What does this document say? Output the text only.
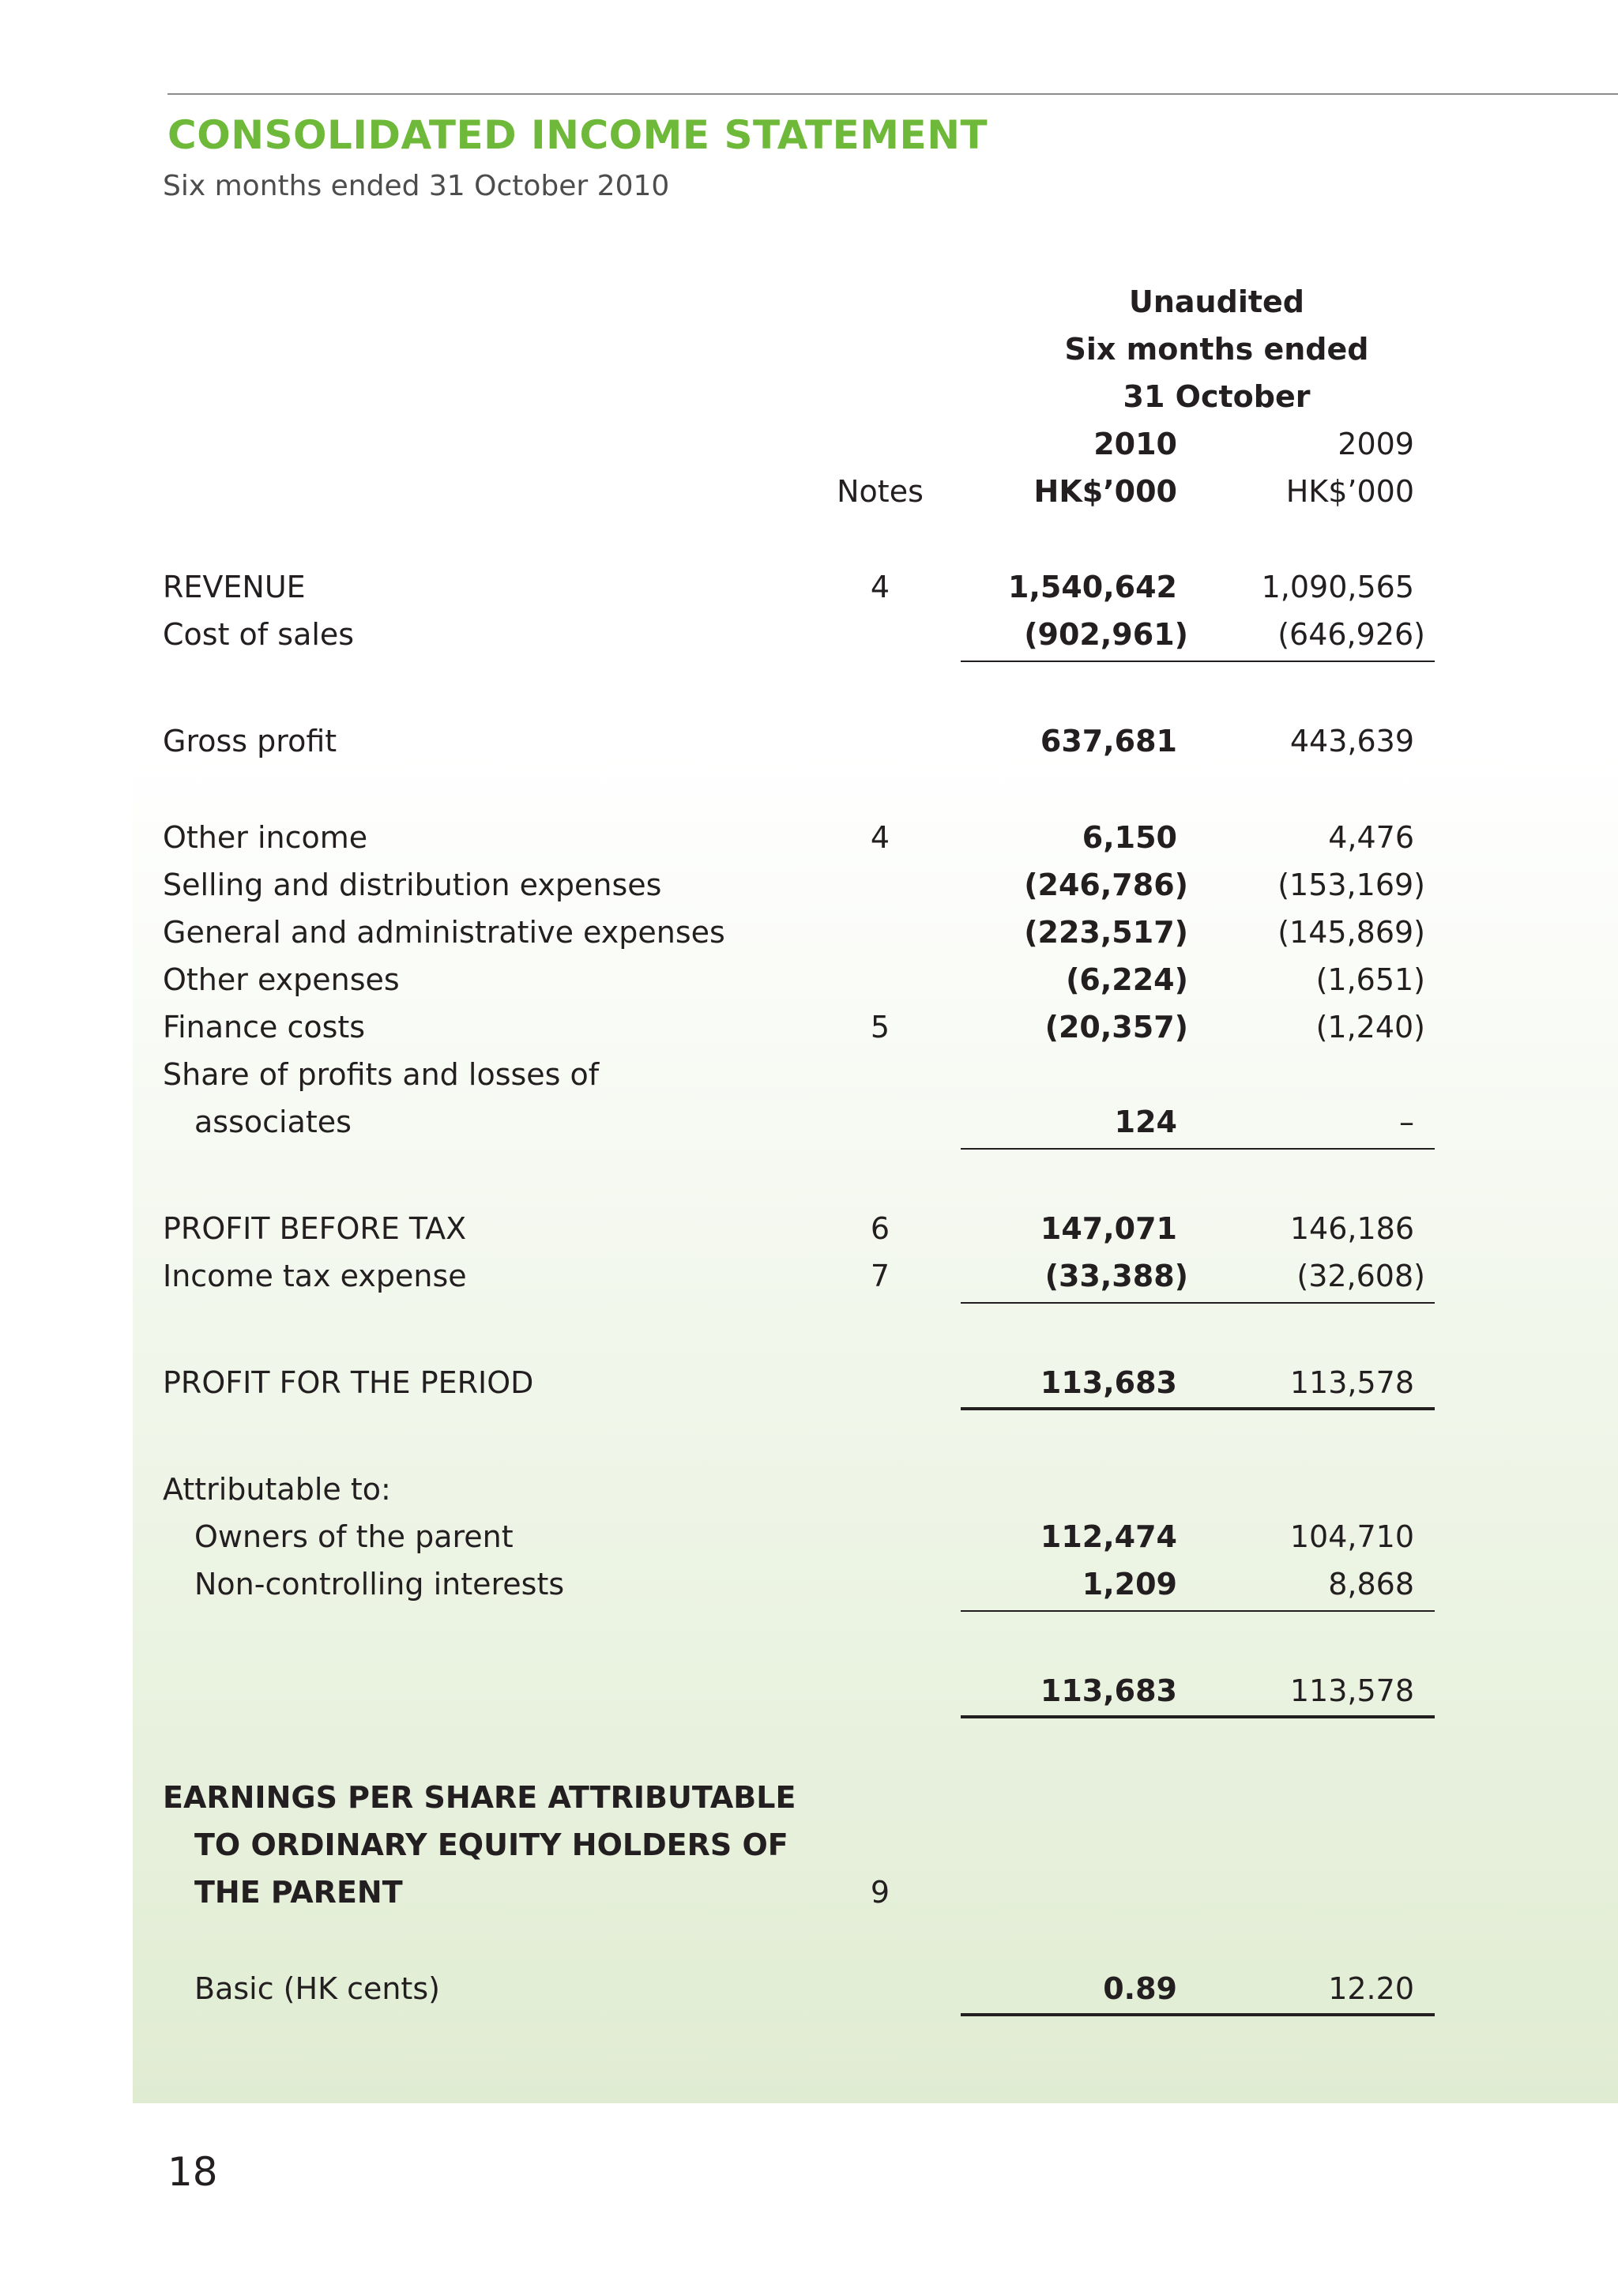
CONSOLIDATED INCOME STATEMENT
Six months ended 31 October 2010
Unaudited
Six months ended
31 October
2010	2009
Notes	HK$’000	HK$’000
REVENUE	4	1,540,642	1,090,565
Cost of sales	(902,961)	(646,926)
Gross profit	637,681	443,639
Other income	4	6,150	4,476
Selling and distribution expenses	(246,786)	(153,169)
General and administrative expenses	(223,517)	(145,869)
Other expenses	(6,224)	(1,651)
Finance costs	5	(20,357)	(1,240)
Share of profits and losses of
associates	124	–
PROFIT BEFORE TAX	6	147,071	146,186
Income tax expense	7	(33,388)	(32,608)
PROFIT FOR THE PERIOD	113,683	113,578
Attributable to:
Owners of the parent	112,474	104,710
Non-controlling interests	1,209	8,868
113,683	113,578
EARNINGS PER SHARE ATTRIBUTABLE
TO ORDINARY EQUITY HOLDERS OF
THE PARENT	9
Basic (HK cents)	0.89	12.20
18
